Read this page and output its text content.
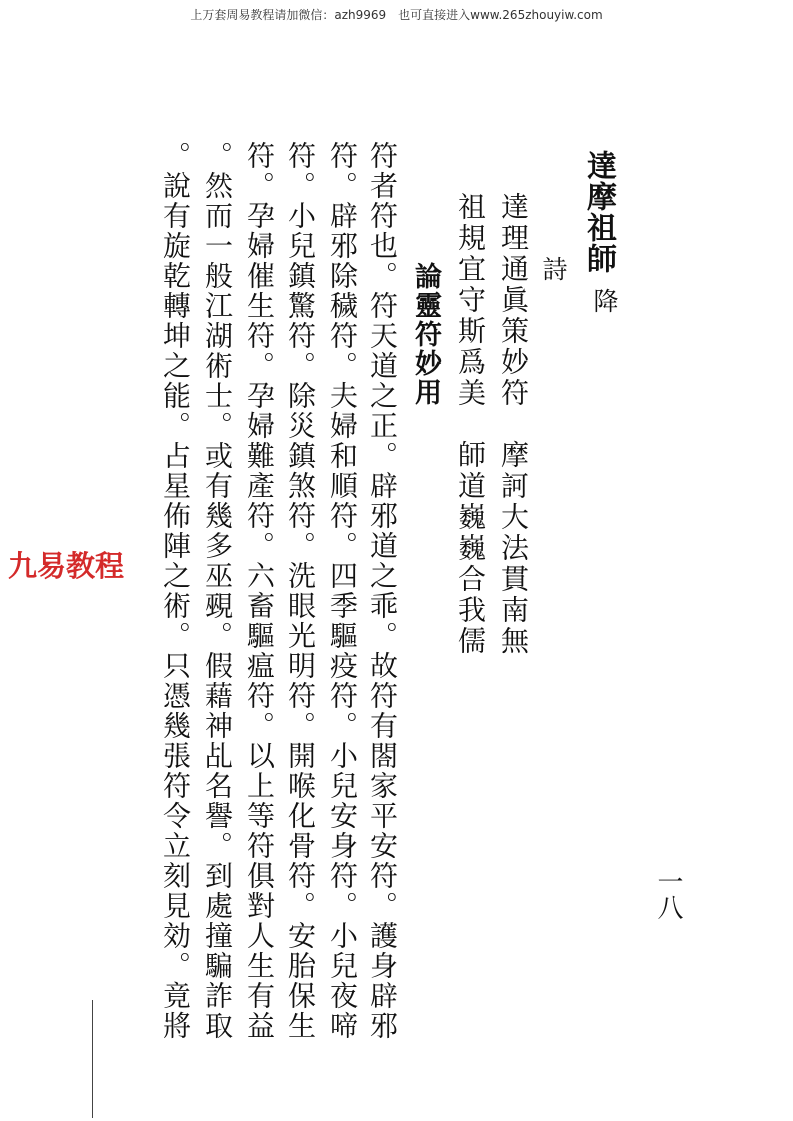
上万套周易教程请加微信：azh9969　也可直接进入www.265zhouyiw.com
達摩祖師
降
詩
達理通眞策妙符　摩訶大法貫南無
祖規宜守斯爲美　師道巍巍合我儒
論靈符妙用
符者符也。符天道之正。辟邪道之乖。故符有閤家平安符。護身辟邪
符。辟邪除穢符。夫婦和順符。四季驅疫符。小兒安身符。小兒夜啼
符。小兒鎮驚符。除災鎮煞符。洗眼光明符。開喉化骨符。安胎保生
符。孕婦催生符。孕婦難產符。六畜驅瘟符。以上等符俱對人生有益
。然而一般江湖術士。或有幾多巫覡。假藉神乩名譽。到處撞騙詐取
。說有旋乾轉坤之能。占星佈陣之術。只憑幾張符令立刻見効。竟將	一八
九易教程
